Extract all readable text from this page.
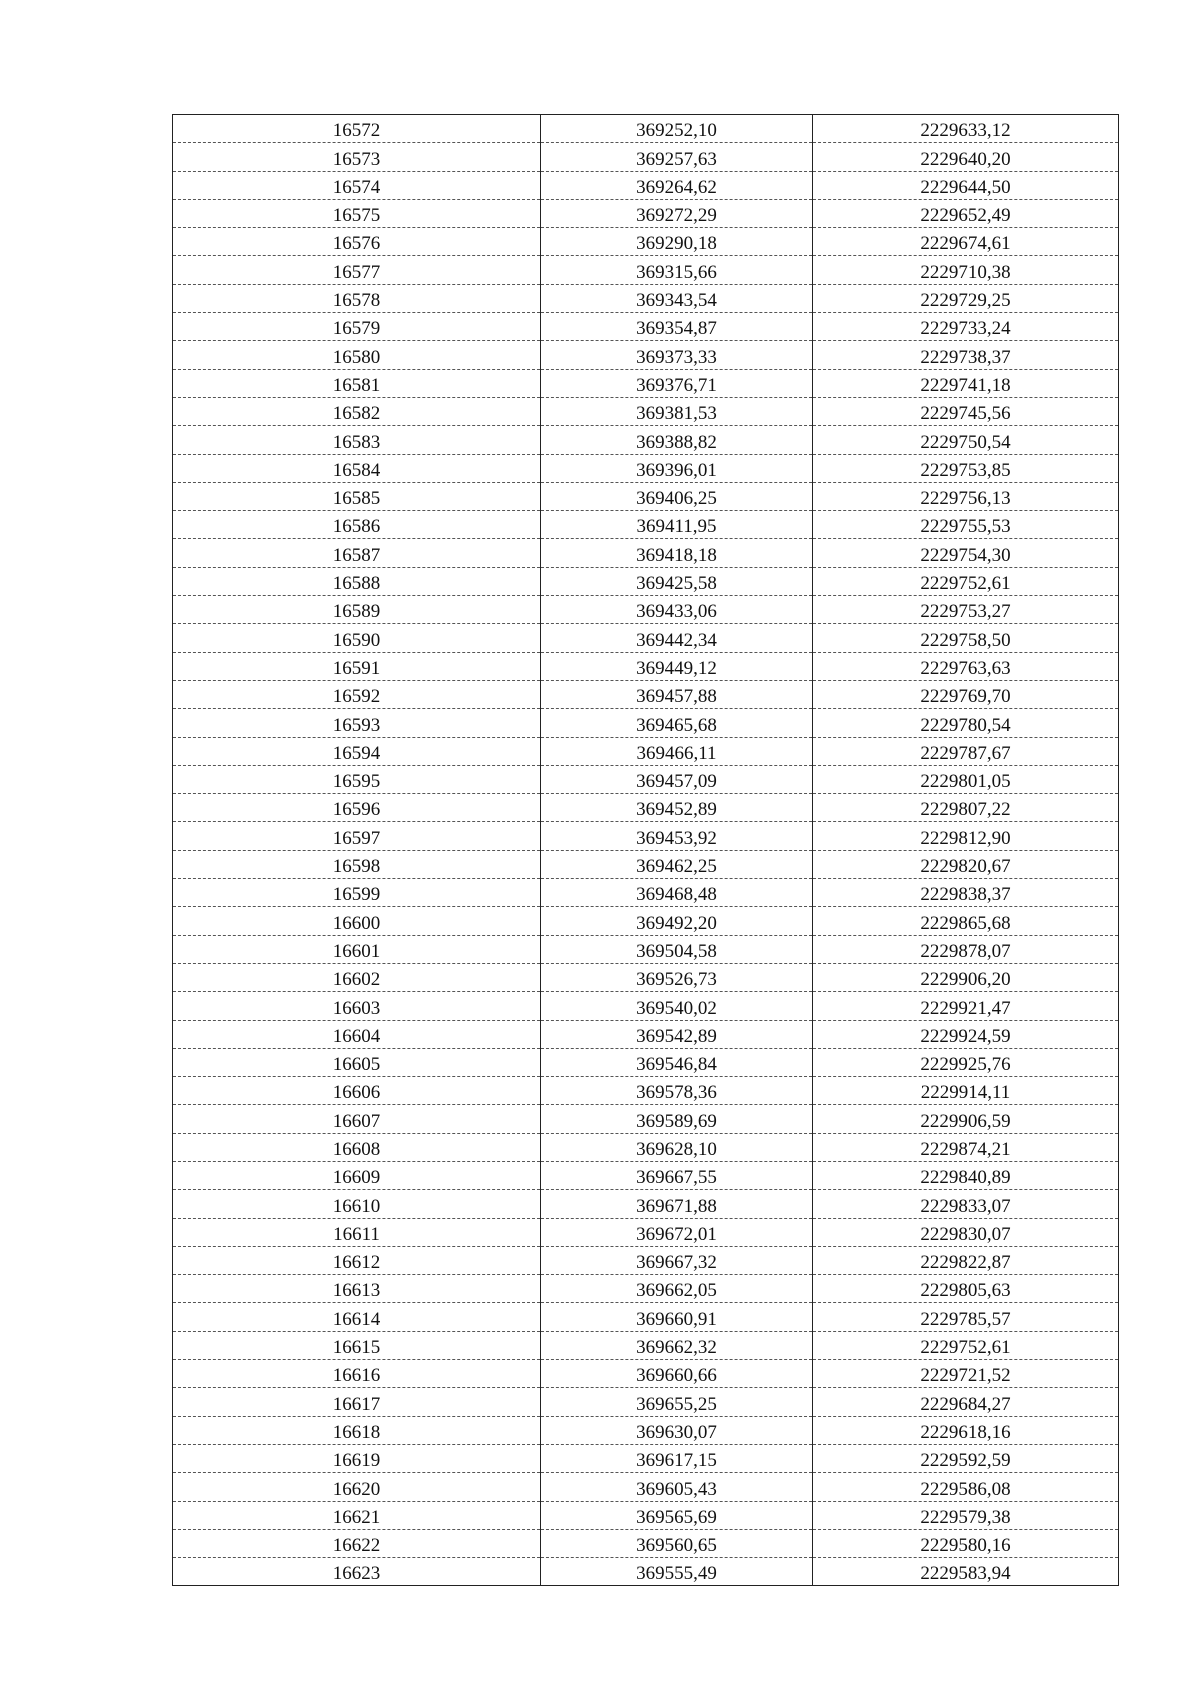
16572	369252,10	2229633,12
16573	369257,63	2229640,20
16574	369264,62	2229644,50
16575	369272,29	2229652,49
16576	369290,18	2229674,61
16577	369315,66	2229710,38
16578	369343,54	2229729,25
16579	369354,87	2229733,24
16580	369373,33	2229738,37
16581	369376,71	2229741,18
16582	369381,53	2229745,56
16583	369388,82	2229750,54
16584	369396,01	2229753,85
16585	369406,25	2229756,13
16586	369411,95	2229755,53
16587	369418,18	2229754,30
16588	369425,58	2229752,61
16589	369433,06	2229753,27
16590	369442,34	2229758,50
16591	369449,12	2229763,63
16592	369457,88	2229769,70
16593	369465,68	2229780,54
16594	369466,11	2229787,67
16595	369457,09	2229801,05
16596	369452,89	2229807,22
16597	369453,92	2229812,90
16598	369462,25	2229820,67
16599	369468,48	2229838,37
16600	369492,20	2229865,68
16601	369504,58	2229878,07
16602	369526,73	2229906,20
16603	369540,02	2229921,47
16604	369542,89	2229924,59
16605	369546,84	2229925,76
16606	369578,36	2229914,11
16607	369589,69	2229906,59
16608	369628,10	2229874,21
16609	369667,55	2229840,89
16610	369671,88	2229833,07
16611	369672,01	2229830,07
16612	369667,32	2229822,87
16613	369662,05	2229805,63
16614	369660,91	2229785,57
16615	369662,32	2229752,61
16616	369660,66	2229721,52
16617	369655,25	2229684,27
16618	369630,07	2229618,16
16619	369617,15	2229592,59
16620	369605,43	2229586,08
16621	369565,69	2229579,38
16622	369560,65	2229580,16
16623	369555,49	2229583,94
